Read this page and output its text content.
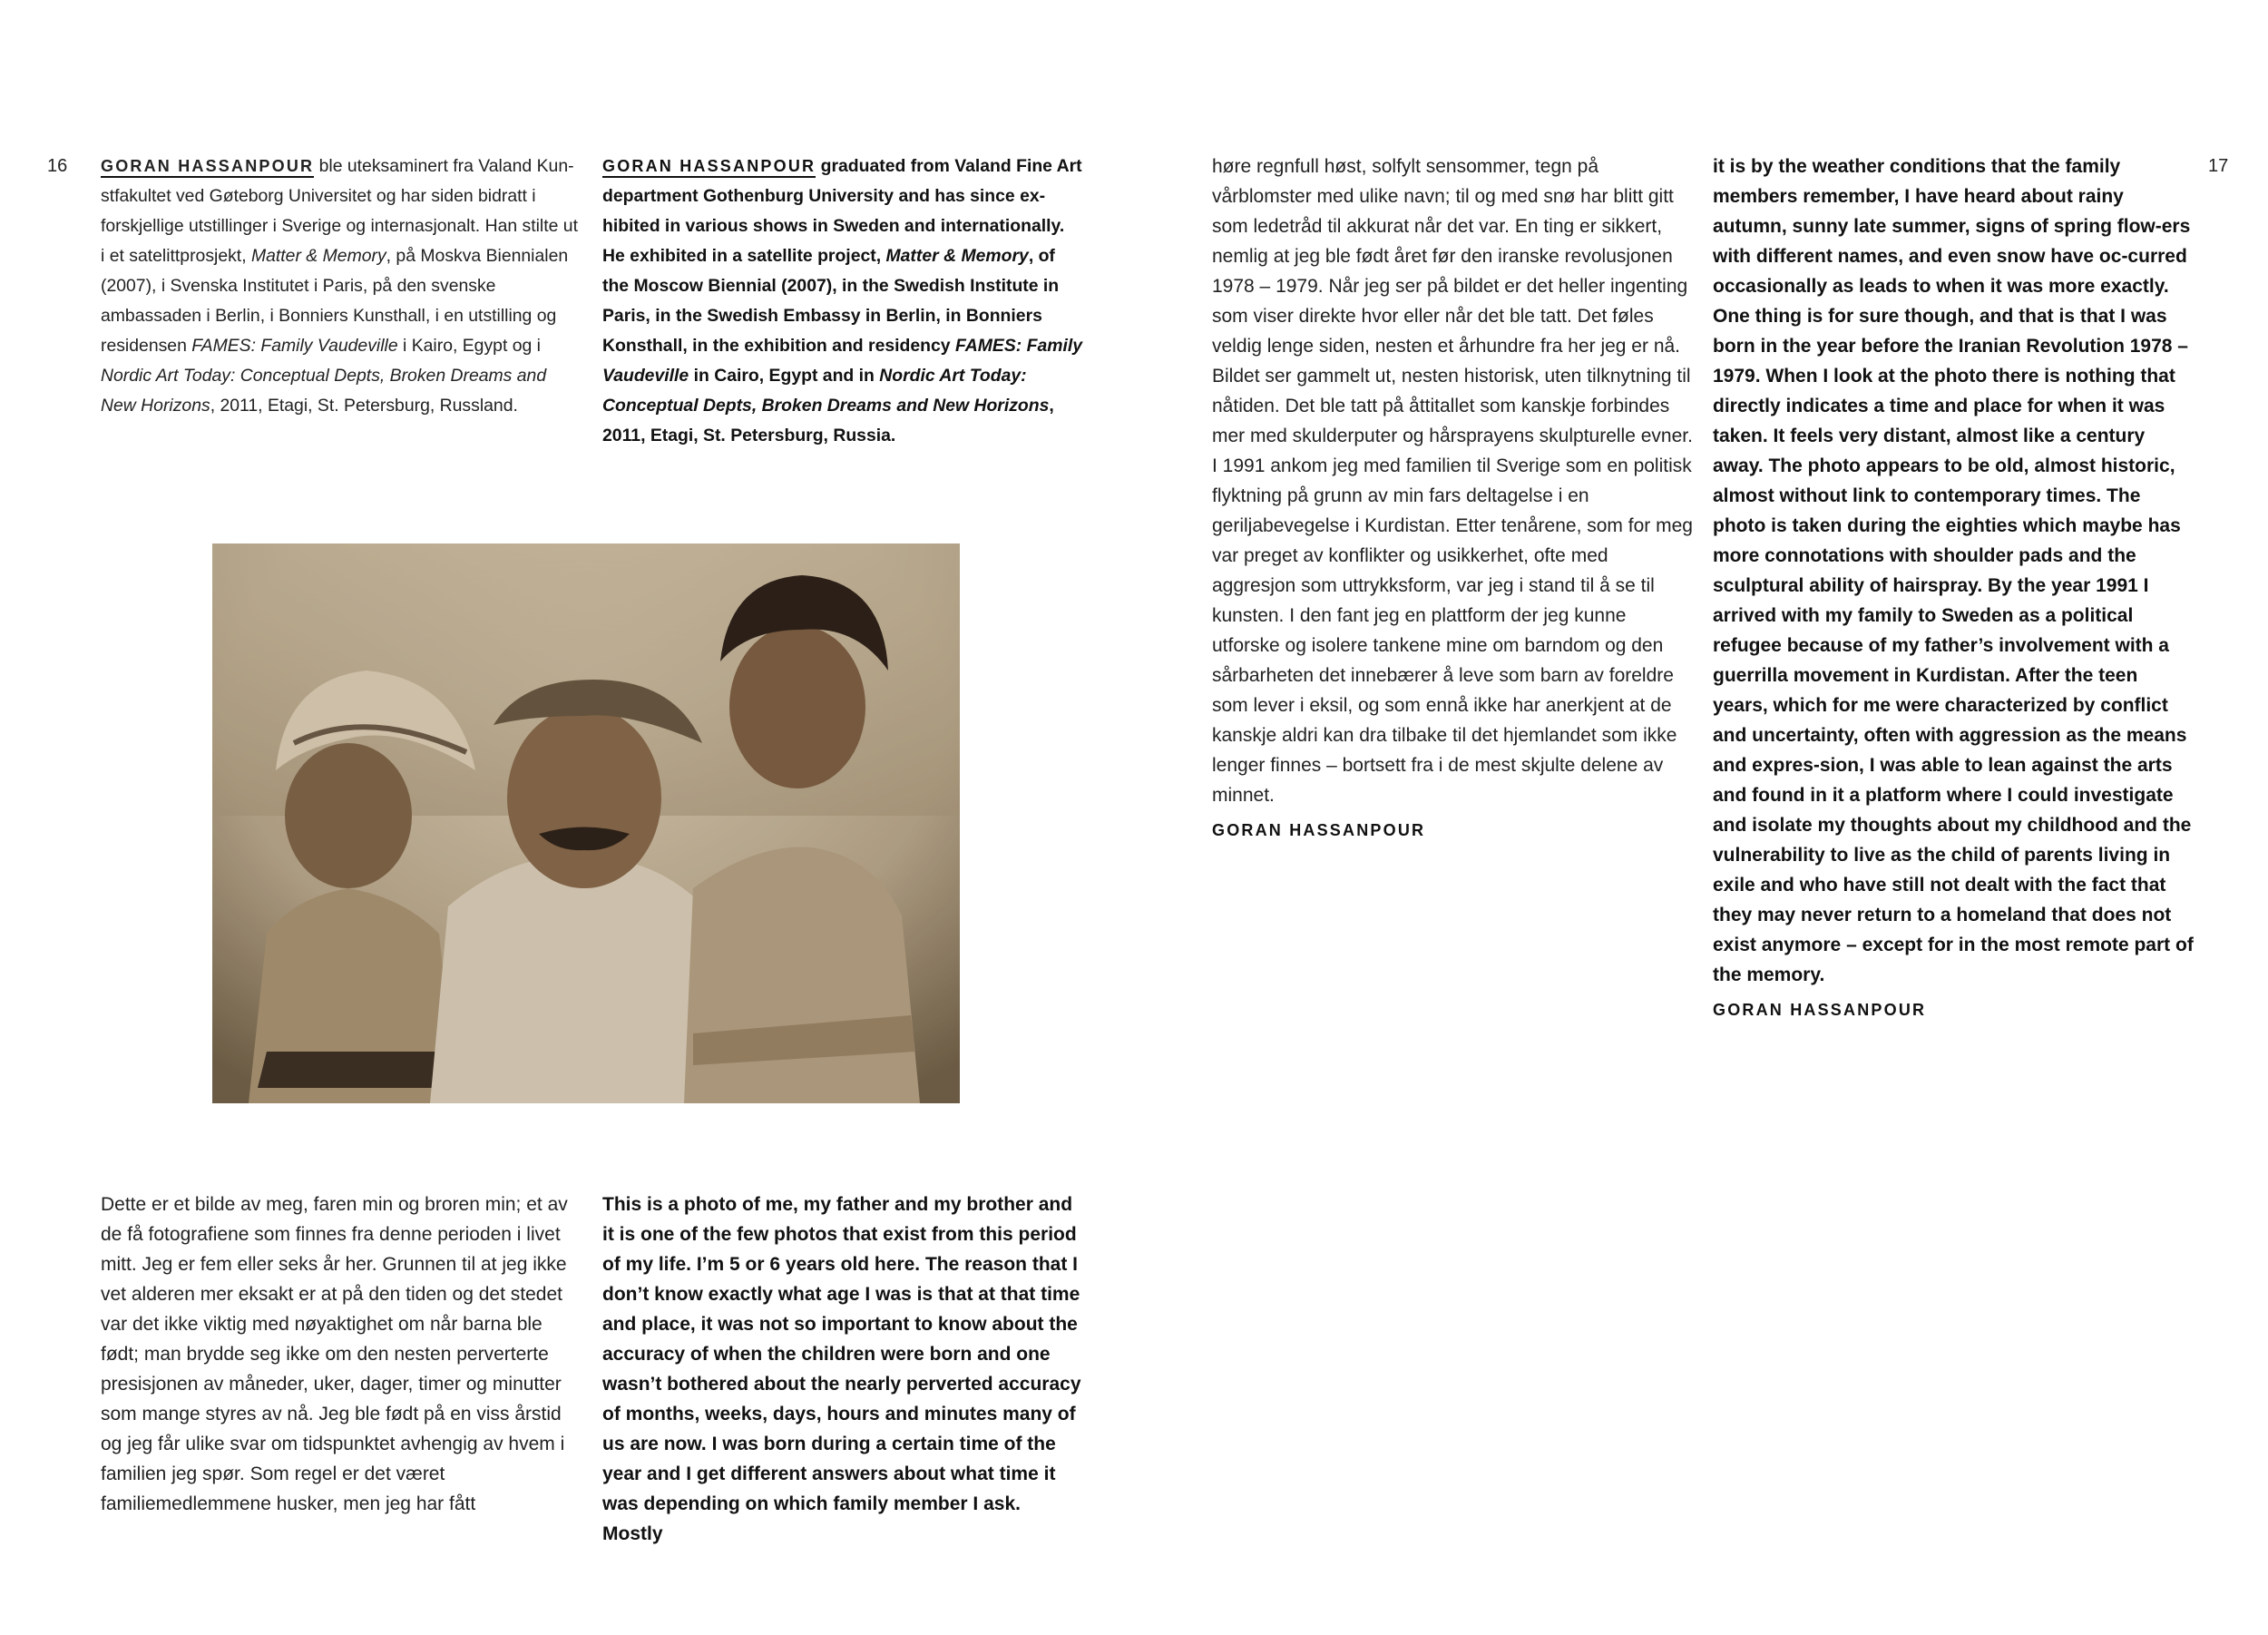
16	17
GORAN HASSANPOUR ble uteksaminert fra Valand Kun-stfakultet ved Gøteborg Universitet og har siden bidratt i forskjellige utstillinger i Sverige og internasjonalt. Han stilte ut i et satelittprosjekt, Matter & Memory, på Moskva Biennialen (2007), i Svenska Institutet i Paris, på den svenske ambassaden i Berlin, i Bonniers Kunsthall, i en utstilling og residensen FAMES: Family Vaudeville i Kairo, Egypt og i Nordic Art Today: Conceptual Depts, Broken Dreams and New Horizons, 2011, Etagi, St. Petersburg, Russland.
GORAN HASSANPOUR graduated from Valand Fine Art department Gothenburg University and has since ex-hibited in various shows in Sweden and internationally. He exhibited in a satellite project, Matter & Memory, of the Moscow Biennial (2007), in the Swedish Institute in Paris, in the Swedish Embassy in Berlin, in Bonniers Konsthall, in the exhibition and residency FAMES: Family Vaudeville in Cairo, Egypt and in Nordic Art Today: Conceptual Depts, Broken Dreams and New Horizons, 2011, Etagi, St. Petersburg, Russia.

Dette er et bilde av meg, faren min og broren min; et av de få fotografiene som finnes fra denne perioden i livet mitt. Jeg er fem eller seks år her. Grunnen til at jeg ikke vet alderen mer eksakt er at på den tiden og det stedet var det ikke viktig med nøyaktighet om når barna ble født; man brydde seg ikke om den nesten perverterte presisjonen av måneder, uker, dager, timer og minutter som mange styres av nå. Jeg ble født på en viss årstid og jeg får ulike svar om tidspunktet avhengig av hvem i familien jeg spør. Som regel er det været familiemedlemmene husker, men jeg har fått

This is a photo of me, my father and my brother and it is one of the few photos that exist from this period of my life. I’m 5 or 6 years old here. The reason that I don’t know exactly what age I was is that at that time and place, it was not so important to know about the accuracy of when the children were born and one wasn’t bothered about the nearly perverted accuracy of months, weeks, days, hours and minutes many of us are now. I was born during a certain time of the year and I get different answers about what time it was depending on which family member I ask. Mostly

høre regnfull høst, solfylt sensommer, tegn på vårblomster med ulike navn; til og med snø har blitt gitt som ledetråd til akkurat når det var. En ting er sikkert, nemlig at jeg ble født året før den iranske revolusjonen 1978 – 1979. Når jeg ser på bildet er det heller ingenting som viser direkte hvor eller når det ble tatt. Det føles veldig lenge siden, nesten et århundre fra her jeg er nå. Bildet ser gammelt ut, nesten historisk, uten tilknytning til nåtiden. Det ble tatt på åttitallet som kanskje forbindes mer med skulderputer og hårsprayens skulpturelle evner. I 1991 ankom jeg med familien til Sverige som en politisk flyktning på grunn av min fars deltagelse i en geriljabevegelse i Kurdistan. Etter tenårene, som for meg var preget av konflikter og usikkerhet, ofte med aggresjon som uttrykksform, var jeg i stand til å se til kunsten. I den fant jeg en plattform der jeg kunne utforske og isolere tankene mine om barndom og den sårbarheten det innebærer å leve som barn av foreldre som lever i eksil, og som ennå ikke har anerkjent at de kanskje aldri kan dra tilbake til det hjemlandet som ikke lenger finnes – bortsett fra i de mest skjulte delene av minnet.

GORAN HASSANPOUR

it is by the weather conditions that the family members remember, I have heard about rainy autumn, sunny late summer, signs of spring flow-ers with different names, and even snow have oc-curred occasionally as leads to when it was more exactly. One thing is for sure though, and that is that I was born in the year before the Iranian Revolution 1978 – 1979. When I look at the photo there is nothing that directly indicates a time and place for when it was taken. It feels very distant, almost like a century away. The photo appears to be old, almost historic, almost without link to contemporary times. The photo is taken during the eighties which maybe has more connotations with shoulder pads and the sculptural ability of hairspray. By the year 1991 I arrived with my family to Sweden as a political refugee because of my father’s involvement with a guerrilla movement in Kurdistan. After the teen years, which for me were characterized by conflict and uncertainty, often with aggression as the means and expres-sion, I was able to lean against the arts and found in it a platform where I could investigate and isolate my thoughts about my childhood and the vulnerability to live as the child of parents living in exile and who have still not dealt with the fact that they may never return to a homeland that does not exist anymore – except for in the most remote part of the memory.

GORAN HASSANPOUR
